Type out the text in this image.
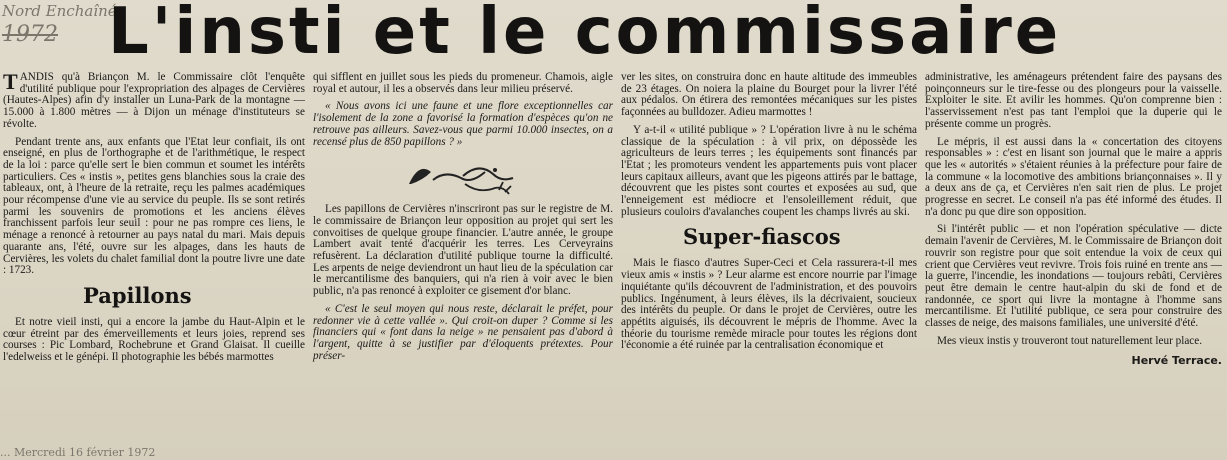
Nord Enchaîné
1972 L'insti et le commissaire

TANDIS qu'à Briançon M. le Commissaire clôt l'enquête d'utilité publique pour l'expropriation des alpages de Cervières (Hautes-Alpes) afin d'y installer un Luna-Park de la montagne — 15.000 à 1.800 mètres — à Dijon un ménage d'instituteurs se révolte.

Pendant trente ans, aux enfants que l'Etat leur confiait, ils ont enseigné, en plus de l'orthographe et de l'arithmétique, le respect de la loi : parce qu'elle sert le bien commun et soumet les intérêts particuliers. Ces « instis », petites gens blanchies sous la craie des tableaux, ont, à l'heure de la retraite, reçu les palmes académiques pour récompense d'une vie au service du peuple. Ils se sont retirés parmi les souvenirs de promotions et les anciens élèves franchissent parfois leur seuil : pour ne pas rompre ces liens, le ménage a renoncé à retourner au pays natal du mari. Mais depuis quarante ans, l'été, ouvre sur les alpages, dans les hauts de Cervières, les volets du chalet familial dont la poutre livre une date : 1723.

Papillons

Et notre vieil insti, qui a encore la jambe du Haut-Alpin et le cœur étreint par des émerveillements et leurs joies, reprend ses courses : Pic Lombard, Rochebrune et Grand Glaisat. Il cueille l'edelweiss et le génépi. Il photographie les bébés marmottes

qui sifflent en juillet sous les pieds du promeneur. Chamois, aigle royal et autour, il les a observés dans leur milieu préservé.

« Nous avons ici une faune et une flore exceptionnelles car l'isolement de la zone a favorisé la formation d'espèces qu'on ne retrouve pas ailleurs. Savez-vous que parmi 10.000 insectes, on a recensé plus de 850 papillons ? »

Les papillons de Cervières n'inscriront pas sur le registre de M. le commissaire de Briançon leur opposition au projet qui sert les convoitises de quelque groupe financier. L'autre année, le groupe Lambert avait tenté d'acquérir les terres. Les Cerveyrains refusèrent. La déclaration d'utilité publique tourne la difficulté. Les arpents de neige deviendront un haut lieu de la spéculation car le mercantilisme des banquiers, qui n'a rien à voir avec le bien public, n'a pas renoncé à exploiter ce gisement d'or blanc.

« C'est le seul moyen qui nous reste, déclarait le préfet, pour redonner vie à cette vallée ». Qui croit-on duper ? Comme si les financiers qui « font dans la neige » ne pensaient pas d'abord à l'argent, quitte à se justifier par d'éloquents prétextes. Pour préser-

ver les sites, on construira donc en haute altitude des immeubles de 23 étages. On noiera la plaine du Bourget pour la livrer l'été aux pédalos. On étirera des remontées mécaniques sur les pistes façonnées au bulldozer. Adieu marmottes !

Y a-t-il « utilité publique » ? L'opération livre à nu le schéma classique de la spéculation : à vil prix, on dépossède les agriculteurs de leurs terres ; les équipements sont financés par l'Etat ; les promoteurs vendent les appartements puis vont placer leurs capitaux ailleurs, avant que les pigeons attirés par le battage, découvrent que les pistes sont courtes et exposées au sud, que l'enneigement est médiocre et l'ensoleillement réduit, que plusieurs couloirs d'avalanches coupent les champs livrés au ski.

Super-fiascos

Mais le fiasco d'autres Super-Ceci et Cela rassurera-t-il mes vieux amis « instis » ? Leur alarme est encore nourrie par l'image inquiétante qu'ils découvrent de l'administration, et des pouvoirs publics. Ingénument, à leurs élèves, ils la décrivaient, soucieux des intérêts du peuple. Or dans le projet de Cervières, outre les appétits aiguisés, ils découvrent le mépris de l'homme. Avec la théorie du tourisme remède miracle pour toutes les régions dont l'économie a été ruinée par la centralisation économique et

administrative, les aménageurs prétendent faire des paysans des poinçonneurs sur le tire-fesse ou des plongeurs pour la vaisselle. Exploiter le site. Et avilir les hommes. Qu'on comprenne bien : l'asservissement n'est pas tant l'emploi que la duperie qui le présente comme un progrès.

Le mépris, il est aussi dans la « concertation des citoyens responsables » : c'est en lisant son journal que le maire a appris que les « autorités » s'étaient réunies à la préfecture pour faire de la commune « la locomotive des ambitions briançonnaises ». Il y a deux ans de ça, et Cervières n'en sait rien de plus. Le projet progresse en secret. Le conseil n'a pas été informé des études. Il n'a donc pu que dire son opposition.

Si l'intérêt public — et non l'opération spéculative — dicte demain l'avenir de Cervières, M. le Commissaire de Briançon doit rouvrir son registre pour que soit entendue la voix de ceux qui crient que Cervières veut revivre. Trois fois ruiné en trente ans — la guerre, l'incendie, les inondations — toujours rebâti, Cervières peut être demain le centre haut-alpin du ski de fond et de randonnée, ce sport qui livre la montagne à l'homme sans mercantilisme. Et l'utilité publique, ce sera pour construire des classes de neige, des maisons familiales, une université d'été.

Mes vieux instis y trouveront tout naturellement leur place.

Hervé Terrace.
... Mercredi 16 février 1972
